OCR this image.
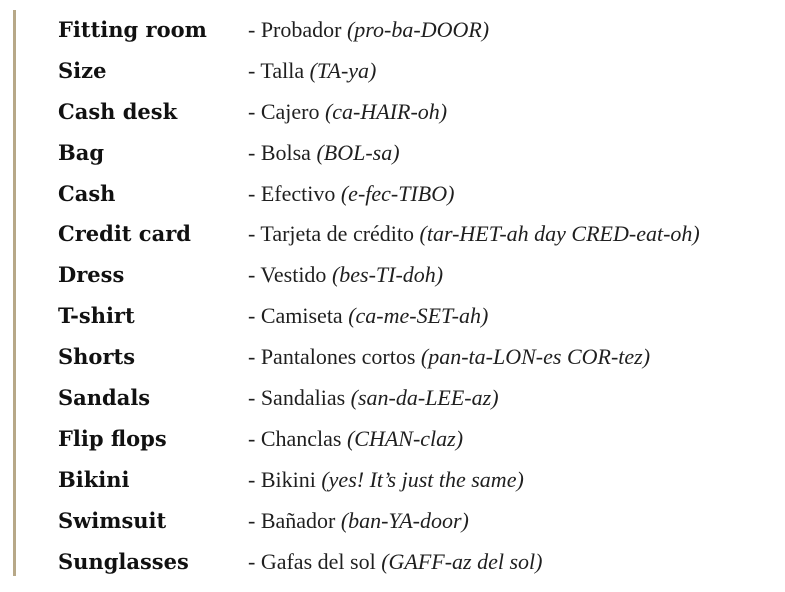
Fitting room - Probador (pro-ba-DOOR)
Size	- Talla (TA-ya)
Cash desk	- Cajero (ca-HAIR-oh)
Bag	- Bolsa (BOL-sa)
Cash	- Efectivo (e-fec-TIBO)
Credit card	- Tarjeta de crédito (tar-HET-ah day CRED-eat-oh)
Dress	- Vestido (bes-TI-doh)
T-shirt	- Camiseta (ca-me-SET-ah)
Shorts	- Pantalones cortos (pan-ta-LON-es COR-tez)
Sandals	- Sandalias (san-da-LEE-az)
Flip flops	- Chanclas (CHAN-claz)
Bikini	- Bikini (yes! It’s just the same)
Swimsuit	- Bañador (ban-YA-door)
Sunglasses	- Gafas del sol (GAFF-az del sol)
